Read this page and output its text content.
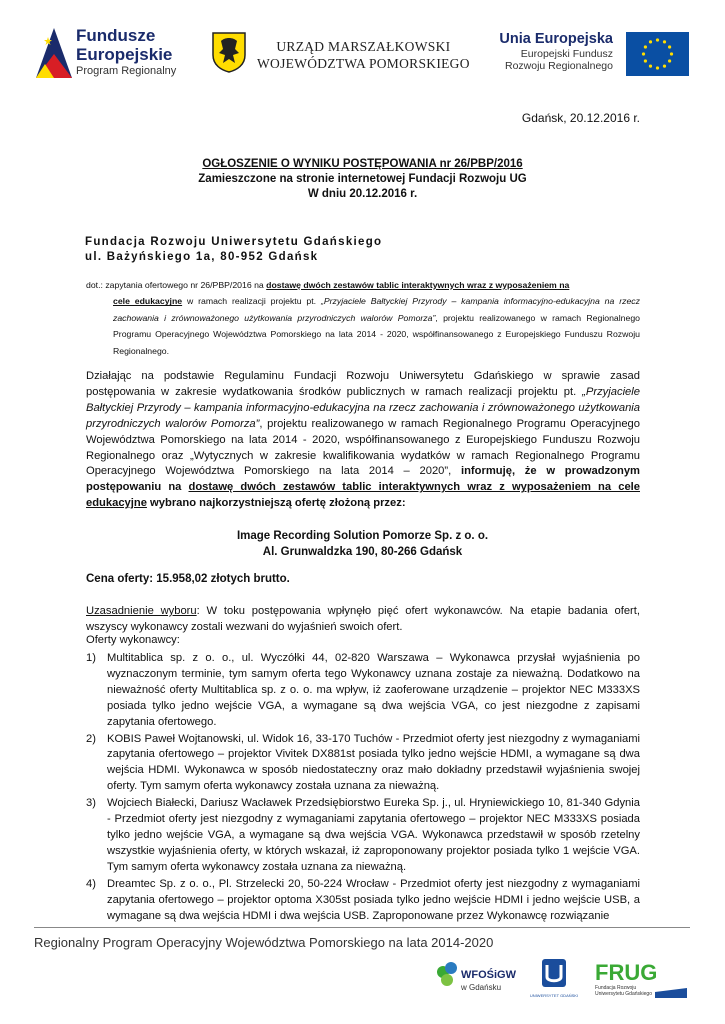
Fundusze
Europejskie
Program Regionalny
URZĄD MARSZAŁKOWSKI
WOJEWÓDZTWA POMORSKIEGO
Unia Europejska
Europejski Fundusz
Rozwoju Regionalnego
Gdańsk, 20.12.2016 r.
OGŁOSZENIE O WYNIKU POSTĘPOWANIA nr 26/PBP/2016
Zamieszczone na stronie internetowej Fundacji Rozwoju UG
W dniu 20.12.2016 r.
Fundacja Rozwoju Uniwersytetu Gdańskiego
ul. Bażyńskiego 1a, 80-952 Gdańsk
dot.: zapytania ofertowego nr 26/PBP/2016 na dostawę dwóch zestawów tablic interaktywnych wraz z wyposażeniem na
cele edukacyjne w ramach realizacji projektu pt. „Przyjaciele Bałtyckiej Przyrody – kampania informacyjno-edukacyjna na rzecz zachowania i zrównoważonego użytkowania przyrodniczych walorów Pomorza”, projektu realizowanego w ramach Regionalnego Programu Operacyjnego Województwa Pomorskiego na lata 2014 - 2020, współfinansowanego z Europejskiego Funduszu Rozwoju Regionalnego.
Działając na podstawie Regulaminu Fundacji Rozwoju Uniwersytetu Gdańskiego w sprawie zasad postępowania w zakresie wydatkowania środków publicznych w ramach realizacji projektu pt. „Przyjaciele Bałtyckiej Przyrody – kampania informacyjno-edukacyjna na rzecz zachowania i zrównoważonego użytkowania przyrodniczych walorów Pomorza”, projektu realizowanego w ramach Regionalnego Programu Operacyjnego Województwa Pomorskiego na lata 2014 - 2020, współfinansowanego z Europejskiego Funduszu Rozwoju Regionalnego oraz „Wytycznych w zakresie kwalifikowania wydatków w ramach Regionalnego Programu Operacyjnego Województwa Pomorskiego na lata 2014 – 2020”, informuję, że w prowadzonym postępowaniu na dostawę dwóch zestawów tablic interaktywnych wraz z wyposażeniem na cele edukacyjne wybrano najkorzystniejszą ofertę złożoną przez:
Image Recording Solution Pomorze Sp. z o. o.
Al. Grunwaldzka 190, 80-266 Gdańsk
Cena oferty: 15.958,02 złotych brutto.
Uzasadnienie wyboru: W toku postępowania wpłynęło pięć ofert wykonawców. Na etapie badania ofert, wszyscy wykonawcy zostali wezwani do wyjaśnień swoich ofert.
Oferty wykonawcy:
1) Multitablica sp. z o. o., ul. Wyczółki 44, 02-820 Warszawa – Wykonawca przysłał wyjaśnienia po wyznaczonym terminie, tym samym oferta tego Wykonawcy uznana zostaje za nieważną. Dodatkowo na nieważność oferty Multitablica sp. z o. o. ma wpływ, iż zaoferowane urządzenie – projektor NEC M333XS posiada tylko jedno wejście VGA, a wymagane są dwa wejścia VGA, co jest niezgodne z zapisami zapytania ofertowego.
2) KOBIS Paweł Wojtanowski, ul. Widok 16, 33-170 Tuchów - Przedmiot oferty jest niezgodny z wymaganiami zapytania ofertowego – projektor Vivitek DX881st posiada tylko jedno wejście HDMI, a wymagane są dwa wejścia HDMI. Wykonawca w sposób niedostateczny oraz mało dokładny przedstawił wyjaśnienia swojej oferty. Tym samym oferta wykonawcy została uznana za nieważną.
3) Wojciech Białecki, Dariusz Wacławek Przedsiębiorstwo Eureka Sp. j., ul. Hryniewickiego 10, 81-340 Gdynia - Przedmiot oferty jest niezgodny z wymaganiami zapytania ofertowego – projektor NEC M333XS posiada tylko jedno wejście VGA, a wymagane są dwa wejścia VGA. Wykonawca przedstawił w sposób rzetelny wszystkie wyjaśnienia oferty, w których wskazał, iż zaproponowany projektor posiada tylko 1 wejście VGA. Tym samym oferta wykonawcy została uznana za nieważną.
4) Dreamtec Sp. z o. o., Pl. Strzelecki 20, 50-224 Wrocław - Przedmiot oferty jest niezgodny z wymaganiami zapytania ofertowego – projektor optoma X305st posiada tylko jedno wejście HDMI i jedno wejście USB, a wymagane są dwa wejścia HDMI i dwa wejścia USB. Zaproponowane przez Wykonawcę rozwiązanie
Regionalny Program Operacyjny Województwa Pomorskiego na lata 2014-2020
WFOŚiGW
w Gdańsku
UNIWERSYTET GDAŃSKI
FRUG
Fundacja Rozwoju
Uniwersytetu Gdańskiego
